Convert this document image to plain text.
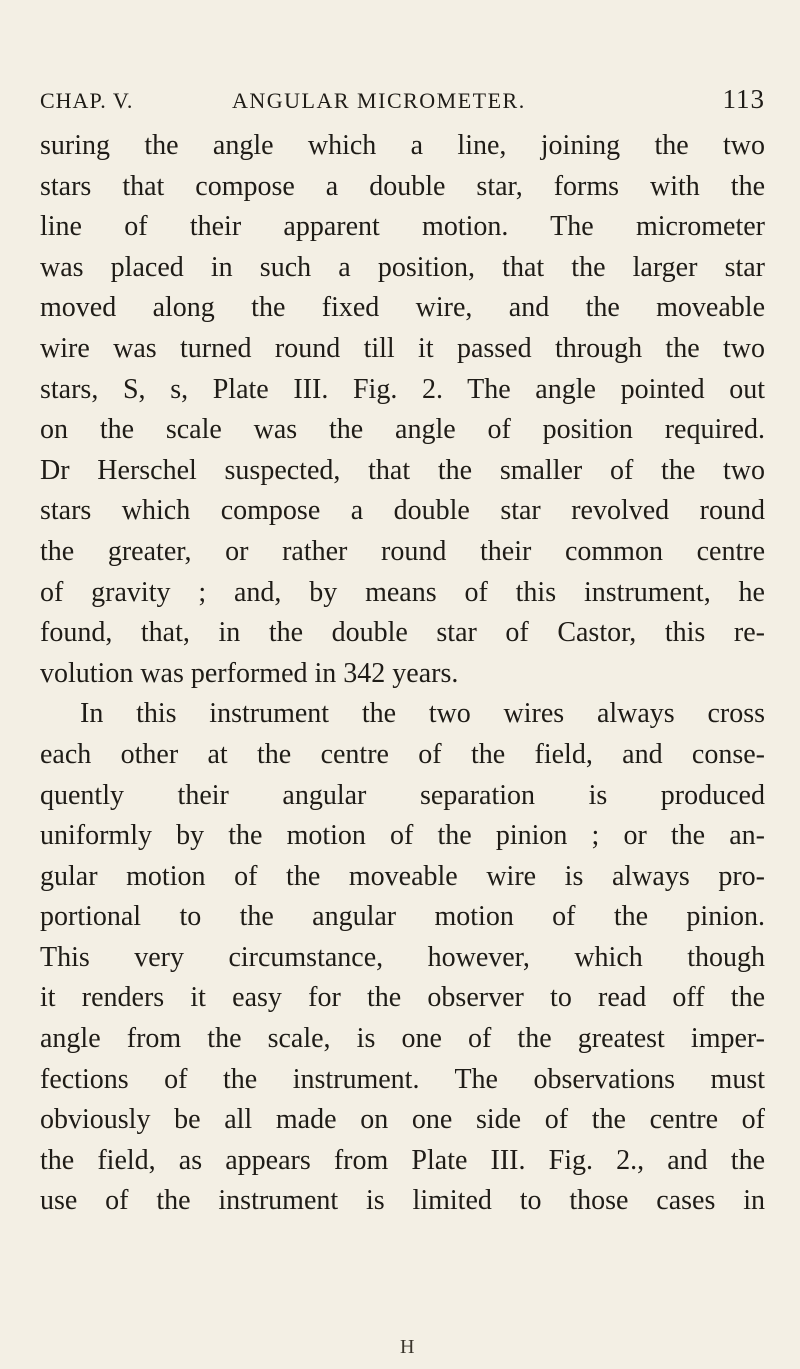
CHAP. V.	ANGULAR MICROMETER.	113
suring the angle which a line, joining the two
stars that compose a double star, forms with the
line of their apparent motion. The micrometer
was placed in such a position, that the larger star
moved along the fixed wire, and the moveable
wire was turned round till it passed through the two
stars, S, s, Plate III. Fig. 2. The angle pointed out
on the scale was the angle of position required.
Dr Herschel suspected, that the smaller of the two
stars which compose a double star revolved round
the greater, or rather round their common centre
of gravity ; and, by means of this instrument, he
found, that, in the double star of Castor, this re-
volution was performed in 342 years.
In this instrument the two wires always cross
each other at the centre of the field, and conse-
quently their angular separation is produced
uniformly by the motion of the pinion ; or the an-
gular motion of the moveable wire is always pro-
portional to the angular motion of the pinion.
This very circumstance, however, which though
it renders it easy for the observer to read off the
angle from the scale, is one of the greatest imper-
fections of the instrument. The observations must
obviously be all made on one side of the centre of
the field, as appears from Plate III. Fig. 2., and the
use of the instrument is limited to those cases in
H
